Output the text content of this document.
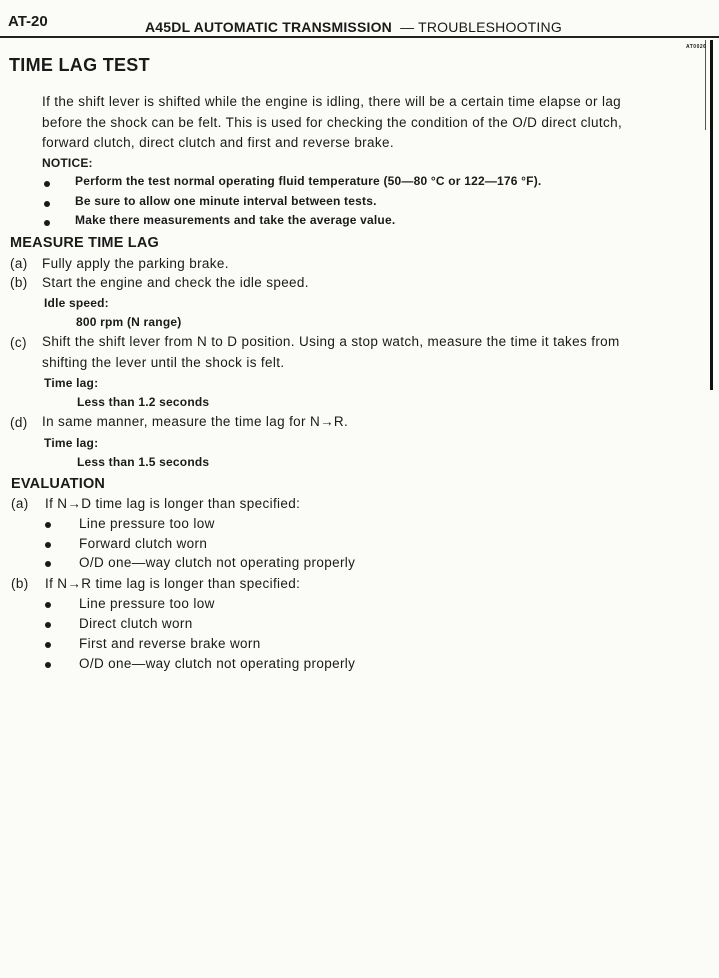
AT-20	A45DL AUTOMATIC TRANSMISSION — TROUBLESHOOTING
AT0026
TIME LAG TEST
If the shift lever is shifted while the engine is idling, there will be a certain time elapse or lag
before the shock can be felt. This is used for checking the condition of the O/D direct clutch,
forward clutch, direct clutch and first and reverse brake.
NOTICE:
Perform the test normal operating fluid temperature (50—80 °C or 122—176 °F).
Be sure to allow one minute interval between tests.
Make there measurements and take the average value.
MEASURE TIME LAG
(a) Fully apply the parking brake.
(b) Start the engine and check the idle speed.
Idle speed:
800 rpm (N range)
(c) Shift the shift lever from N to D position. Using a stop watch, measure the time it takes from
shifting the lever until the shock is felt.
Time lag:
Less than 1.2 seconds
(d) In same manner, measure the time lag for N→R.
Time lag:
Less than 1.5 seconds
EVALUATION
(a) If N→D time lag is longer than specified:
Line pressure too low
Forward clutch worn
O/D one—way clutch not operating properly
(b) If N→R time lag is longer than specified:
Line pressure too low
Direct clutch worn
First and reverse brake worn
O/D one—way clutch not operating properly
